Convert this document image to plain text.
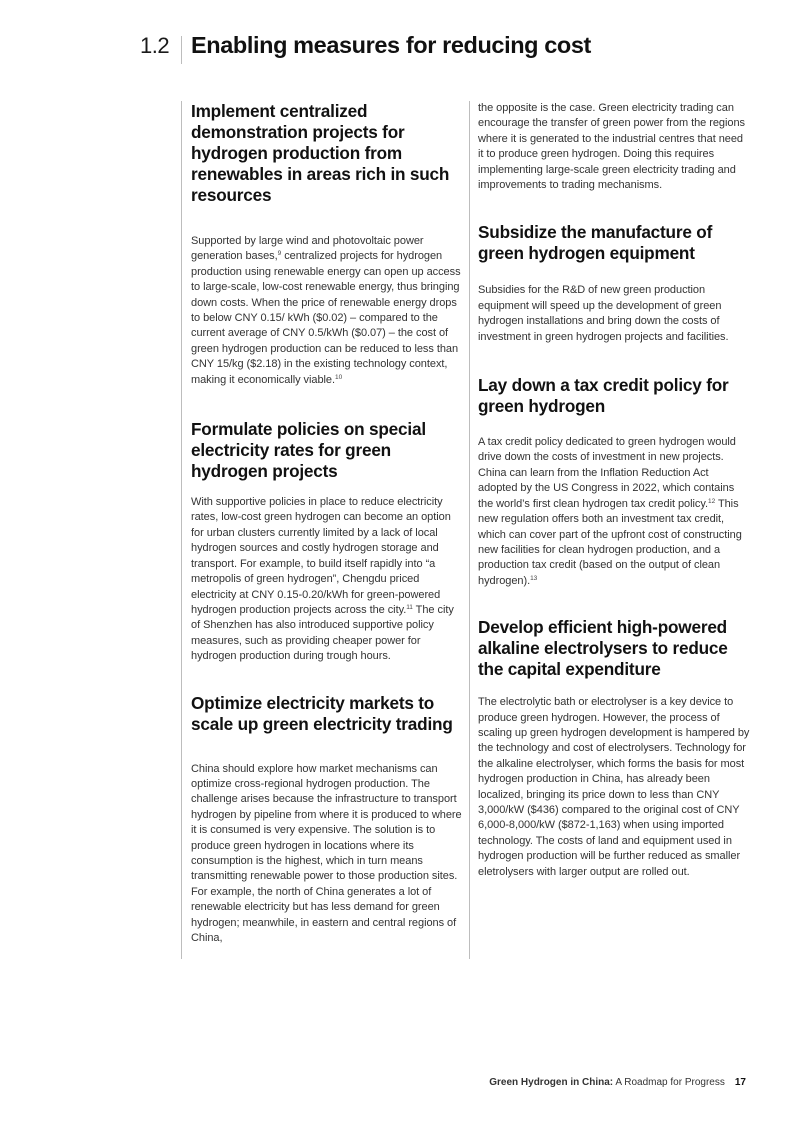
1.2 Enabling measures for reducing cost
Implement centralized demonstration projects for hydrogen production from renewables in areas rich in such resources

Supported by large wind and photovoltaic power generation bases,$^9$ centralized projects for hydrogen production using renewable energy can open up access to large-scale, low-cost renewable energy, thus bringing down costs. When the price of renewable energy drops to below CNY 0.15/ kWh ($0.02) – compared to the current average of CNY 0.5/kWh ($0.07) – the cost of green hydrogen production can be reduced to less than CNY 15/kg ($2.18) in the existing technology context, making it economically viable.$^{10}$

Formulate policies on special electricity rates for green hydrogen projects

With supportive policies in place to reduce electricity rates, low-cost green hydrogen can become an option for urban clusters currently limited by a lack of local hydrogen sources and costly hydrogen storage and transport. For example, to build itself rapidly into “a metropolis of green hydrogen”, Chengdu priced electricity at CNY 0.15-0.20/kWh for green-powered hydrogen production projects across the city.$^{11}$ The city of Shenzhen has also introduced supportive policy measures, such as providing cheaper power for hydrogen production during trough hours.

Optimize electricity markets to scale up green electricity trading

China should explore how market mechanisms can optimize cross-regional hydrogen production. The challenge arises because the infrastructure to transport hydrogen by pipeline from where it is produced to where it is consumed is very expensive. The solution is to produce green hydrogen in locations where its consumption is the highest, which in turn means transmitting renewable power to those production sites. For example, the north of China generates a lot of renewable electricity but has less demand for green hydrogen; meanwhile, in eastern and central regions of China,

the opposite is the case. Green electricity trading can encourage the transfer of green power from the regions where it is generated to the industrial centres that need it to produce green hydrogen. Doing this requires implementing large-scale green electricity trading and improvements to trading mechanisms.

Subsidize the manufacture of green hydrogen equipment

Subsidies for the R&D of new green production equipment will speed up the development of green hydrogen installations and bring down the costs of investment in green hydrogen projects and facilities.

Lay down a tax credit policy for green hydrogen

A tax credit policy dedicated to green hydrogen would drive down the costs of investment in new projects. China can learn from the Inflation Reduction Act adopted by the US Congress in 2022, which contains the world’s first clean hydrogen tax credit policy.$^{12}$ This new regulation offers both an investment tax credit, which can cover part of the upfront cost of constructing new facilities for clean hydrogen production, and a production tax credit (based on the output of clean hydrogen).$^{13}$

Develop efficient high-powered alkaline electrolysers to reduce the capital expenditure

The electrolytic bath or electrolyser is a key device to produce green hydrogen. However, the process of scaling up green hydrogen development is hampered by the technology and cost of electrolysers. Technology for the alkaline electrolyser, which forms the basis for most hydrogen production in China, has already been localized, bringing its price down to less than CNY 3,000/kW ($436) compared to the original cost of CNY 6,000-8,000/kW ($872-1,163) when using imported technology. The costs of land and equipment used in hydrogen production will be further reduced as smaller eletrolysers with larger output are rolled out.

Green Hydrogen in China: A Roadmap for Progress 17
